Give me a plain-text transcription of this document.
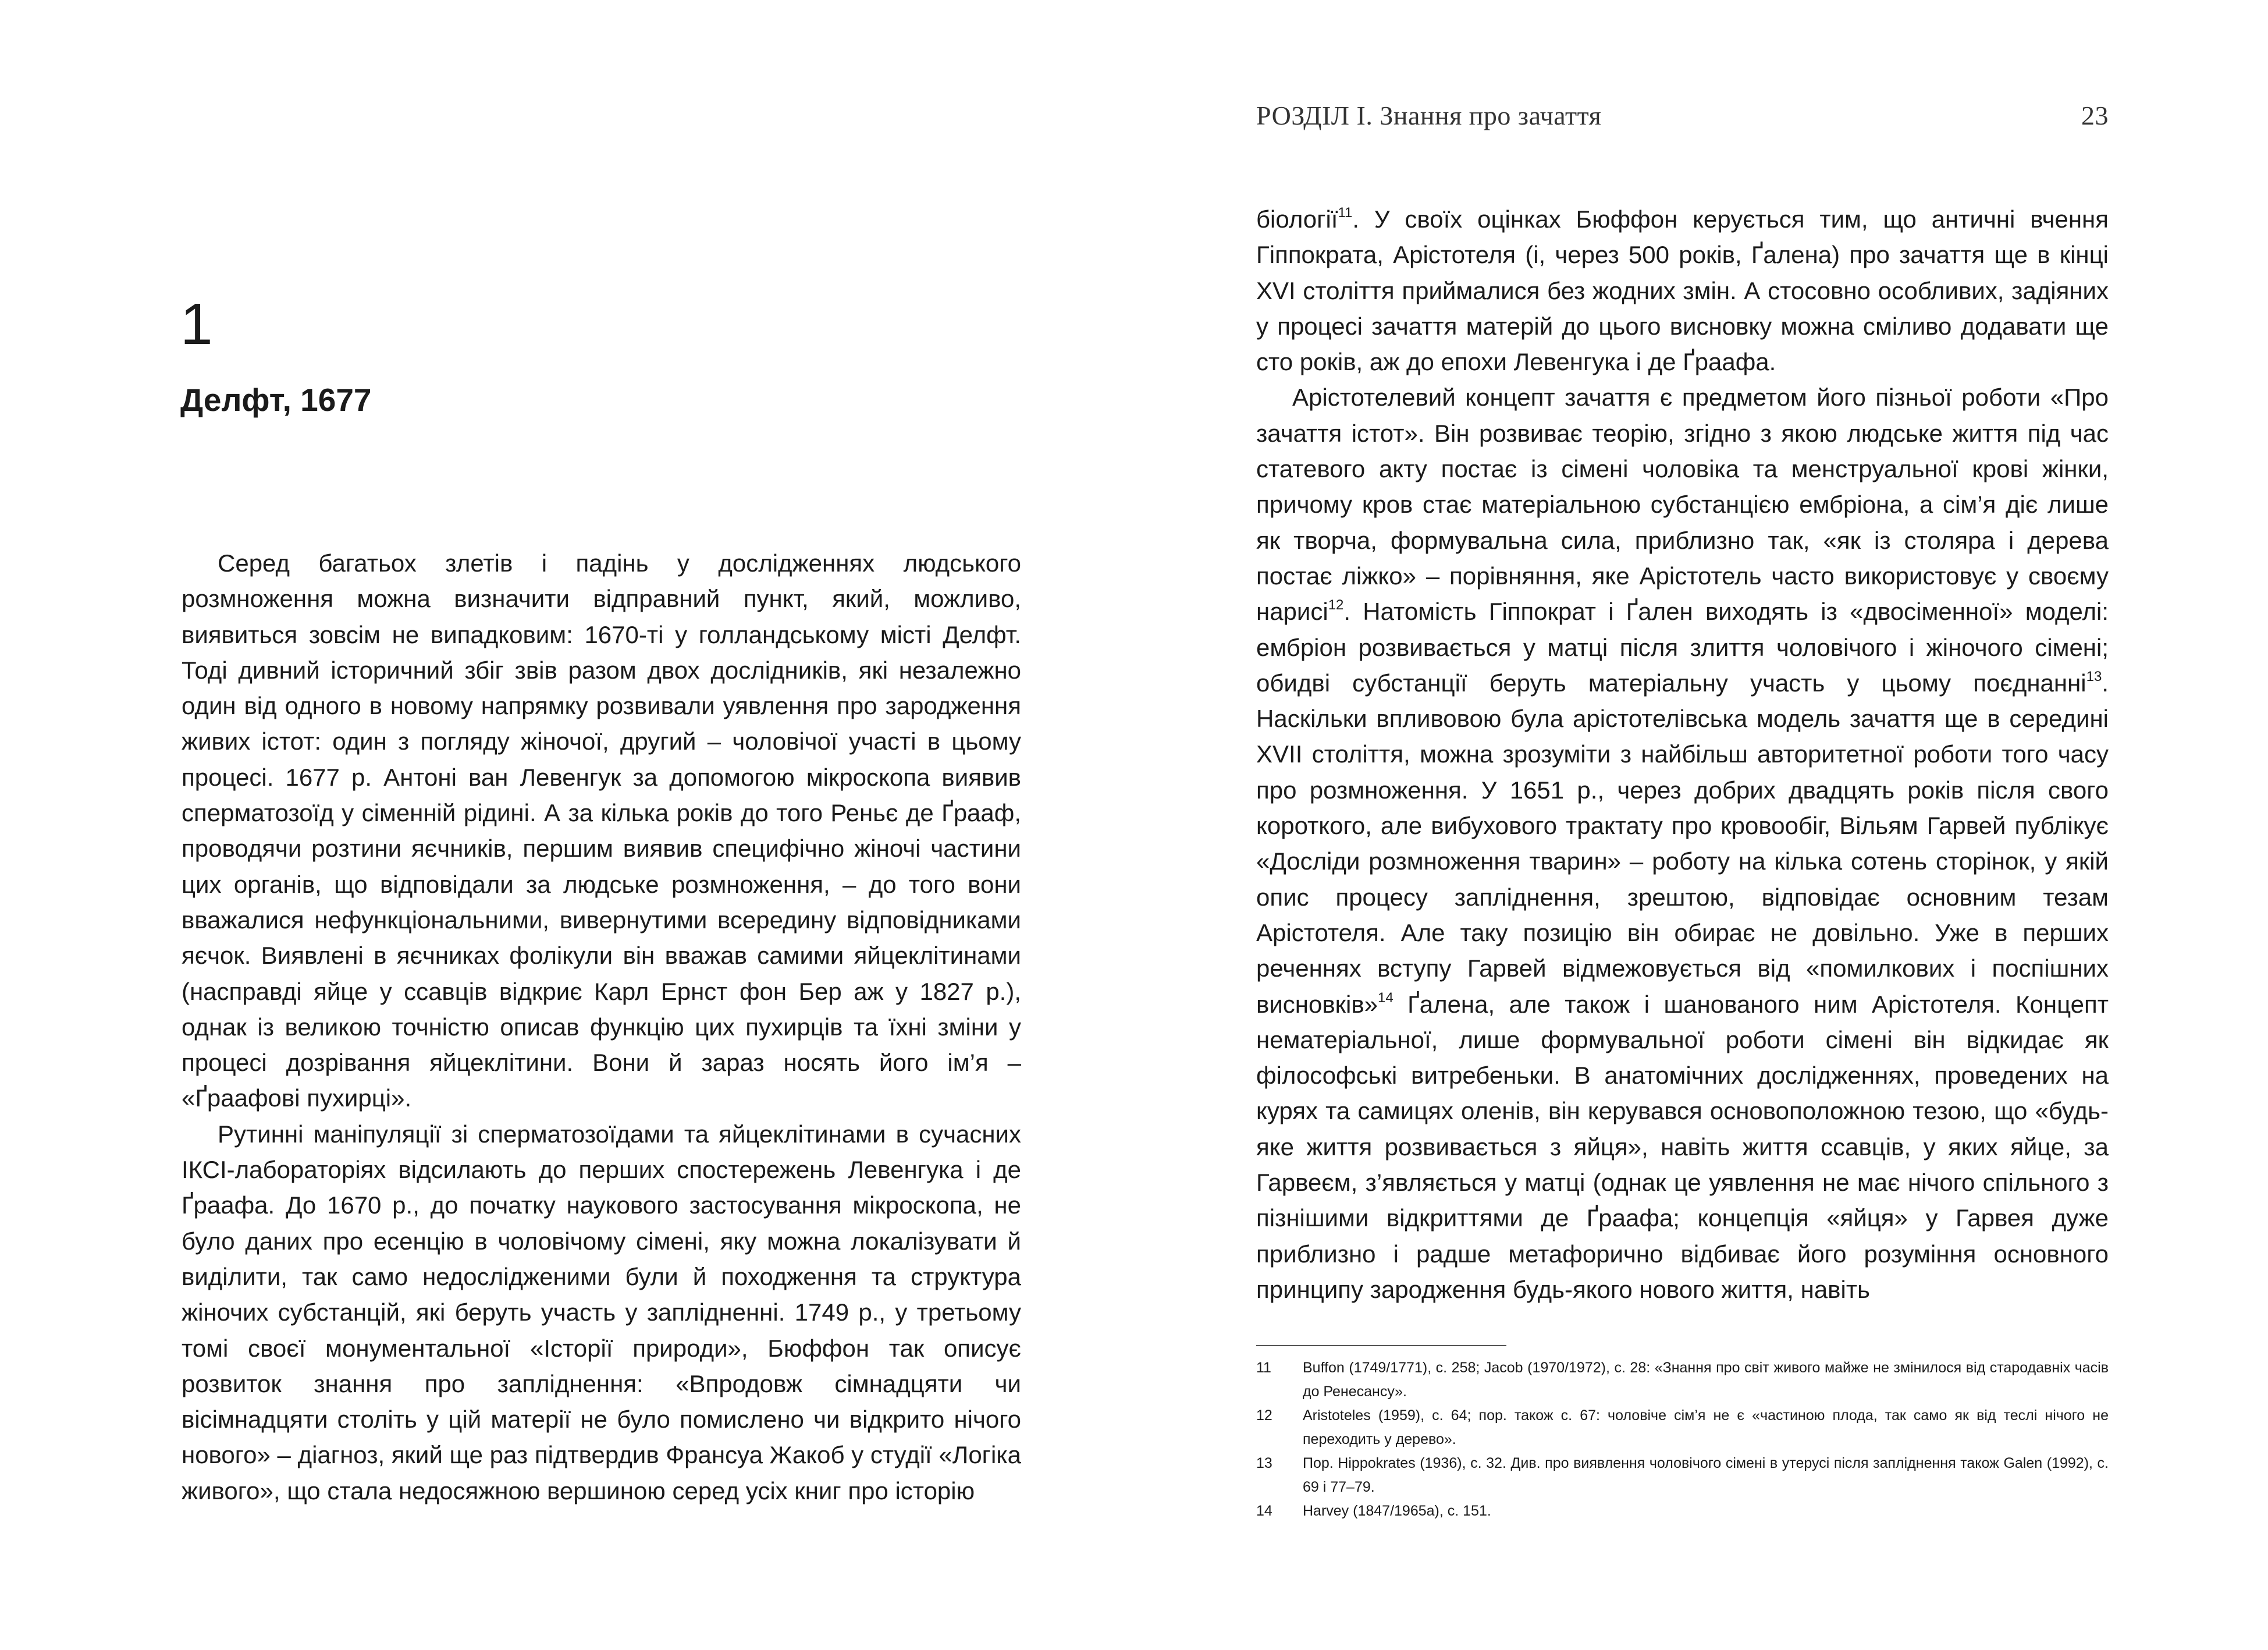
1
Делфт, 1677

Серед багатьох злетів і падінь у дослідженнях людського розмноження можна визначити відправний пункт, який, можливо, виявиться зовсім не випадковим: 1670-ті у голландському місті Делфт. Тоді дивний історичний збіг звів разом двох дослідників, які незалежно один від одного в новому напрямку розвивали уявлення про зародження живих істот: один з погляду жіночої, другий – чоловічої участі в цьому процесі. 1677 р. Антоні ван Левенгук за допомогою мікроскопа виявив сперматозоїд у сіменній рідині. А за кілька років до того Реньє де Ґраaф, проводячи розтини яєчників, першим виявив специфічно жіночі частини цих органів, що відповідали за людське розмноження, – до того вони вважалися нефункціональними, вивернутими всередину відповідниками яєчок. Виявлені в яєчниках фолікули він вважав самими яйцеклітинами (насправді яйце у ссавців відкриє Карл Ернст фон Бер аж у 1827 р.), однак із великою точністю описав функцію цих пухирців та їхні зміни у процесі дозрівання яйцеклітини. Вони й зараз носять його ім’я – «Ґраафові пухирці».

Рутинні маніпуляції зі сперматозоїдами та яйцеклітинами в сучасних ІКСІ-лабораторіях відсилають до перших спостережень Левенгука і де Ґраафа. До 1670 р., до початку наукового застосування мікроскопа, не було даних про есенцію в чоловічому сімені, яку можна локалізувати й виділити, так само недослідженими були й походження та структура жіночих субстанцій, які беруть участь у заплідненні. 1749 р., у третьому томі своєї монументальної «Історії природи», Бюффон так описує розвиток знання про запліднення: «Впродовж сімнадцяти чи вісімнадцяти століть у цій матерії не було помислено чи відкрито нічого нового» – діагноз, який ще раз підтвердив Франсуа Жакоб у студії «Логіка живого», що стала недосяжною вершиною серед усіх книг про історію

РОЗДІЛ І. Знання про зачаття	23

біології$^{11}$. У своїх оцінках Бюффон керується тим, що античні вчення Гіппократа, Арістотеля (і, через 500 років, Ґалена) про зачаття ще в кінці XVI століття приймалися без жодних змін. А стосовно особливих, задіяних у процесі зачаття матерій до цього висновку можна сміливо додавати ще сто років, аж до епохи Левенгука і де Ґраафа.

Арістотелевий концепт зачаття є предметом його пізньої роботи «Про зачаття істот». Він розвиває теорію, згідно з якою людське життя під час статевого акту постає із сімені чоловіка та менструальної крові жінки, причому кров стає матеріальною субстанцією ембріона, а сім’я діє лише як творча, формувальна сила, приблизно так, «як із столяра і дерева постає ліжко» – порівняння, яке Арістотель часто використовує у своєму нарисі$^{12}$. Натомість Гіппократ і Ґален виходять із «двосіменної» моделі: ембріон розвивається у матці після злиття чоловічого і жіночого сімені; обидві субстанції беруть матеріальну участь у цьому поєднанні$^{13}$. Наскільки впливовою була арістотелівська модель зачаття ще в середині XVII століття, можна зрозуміти з найбільш авторитетної роботи того часу про розмноження. У 1651 р., через добрих двадцять років після свого короткого, але вибухового трактату про кровообіг, Вільям Гарвей публікує «Досліди розмноження тварин» – роботу на кілька сотень сторінок, у якій опис процесу запліднення, зрештою, відповідає основним тезам Арістотеля. Але таку позицію він обирає не довільно. Уже в перших реченнях вступу Гарвей відмежовується від «помилкових і поспішних висновків»$^{14}$ Ґалена, але також і шанованого ним Арістотеля. Концепт нематеріальної, лише формувальної роботи сімені він відкидає як філософські витребеньки. В анатомічних дослідженнях, проведених на курях та самицях оленів, він керувався основоположною тезою, що «будь-яке життя розвивається з яйця», навіть життя ссавців, у яких яйце, за Гарвеєм, з’являється у матці (однак це уявлення не має нічого спільного з пізнішими відкриттями де Ґраафа; концепція «яйця» у Гарвея дуже приблизно і радше метафорично відбиває його розуміння основного принципу зародження будь-якого нового життя, навіть

11 Buffon (1749/1771), с. 258; Jacob (1970/1972), с. 28: «Знання про світ живого майже не змінилося від стародавніх часів до Ренесансу».

12 Aristoteles (1959), с. 64; пор. також с. 67: чоловіче сім’я не є «частиною плода, так само як від теслі нічого не переходить у дерево».

13 Пор. Hippokrates (1936), с. 32. Див. про виявлення чоловічого сімені в утерусі після запліднення також Galen (1992), с. 69 і 77–79.

14 Harvey (1847/1965a), с. 151.
